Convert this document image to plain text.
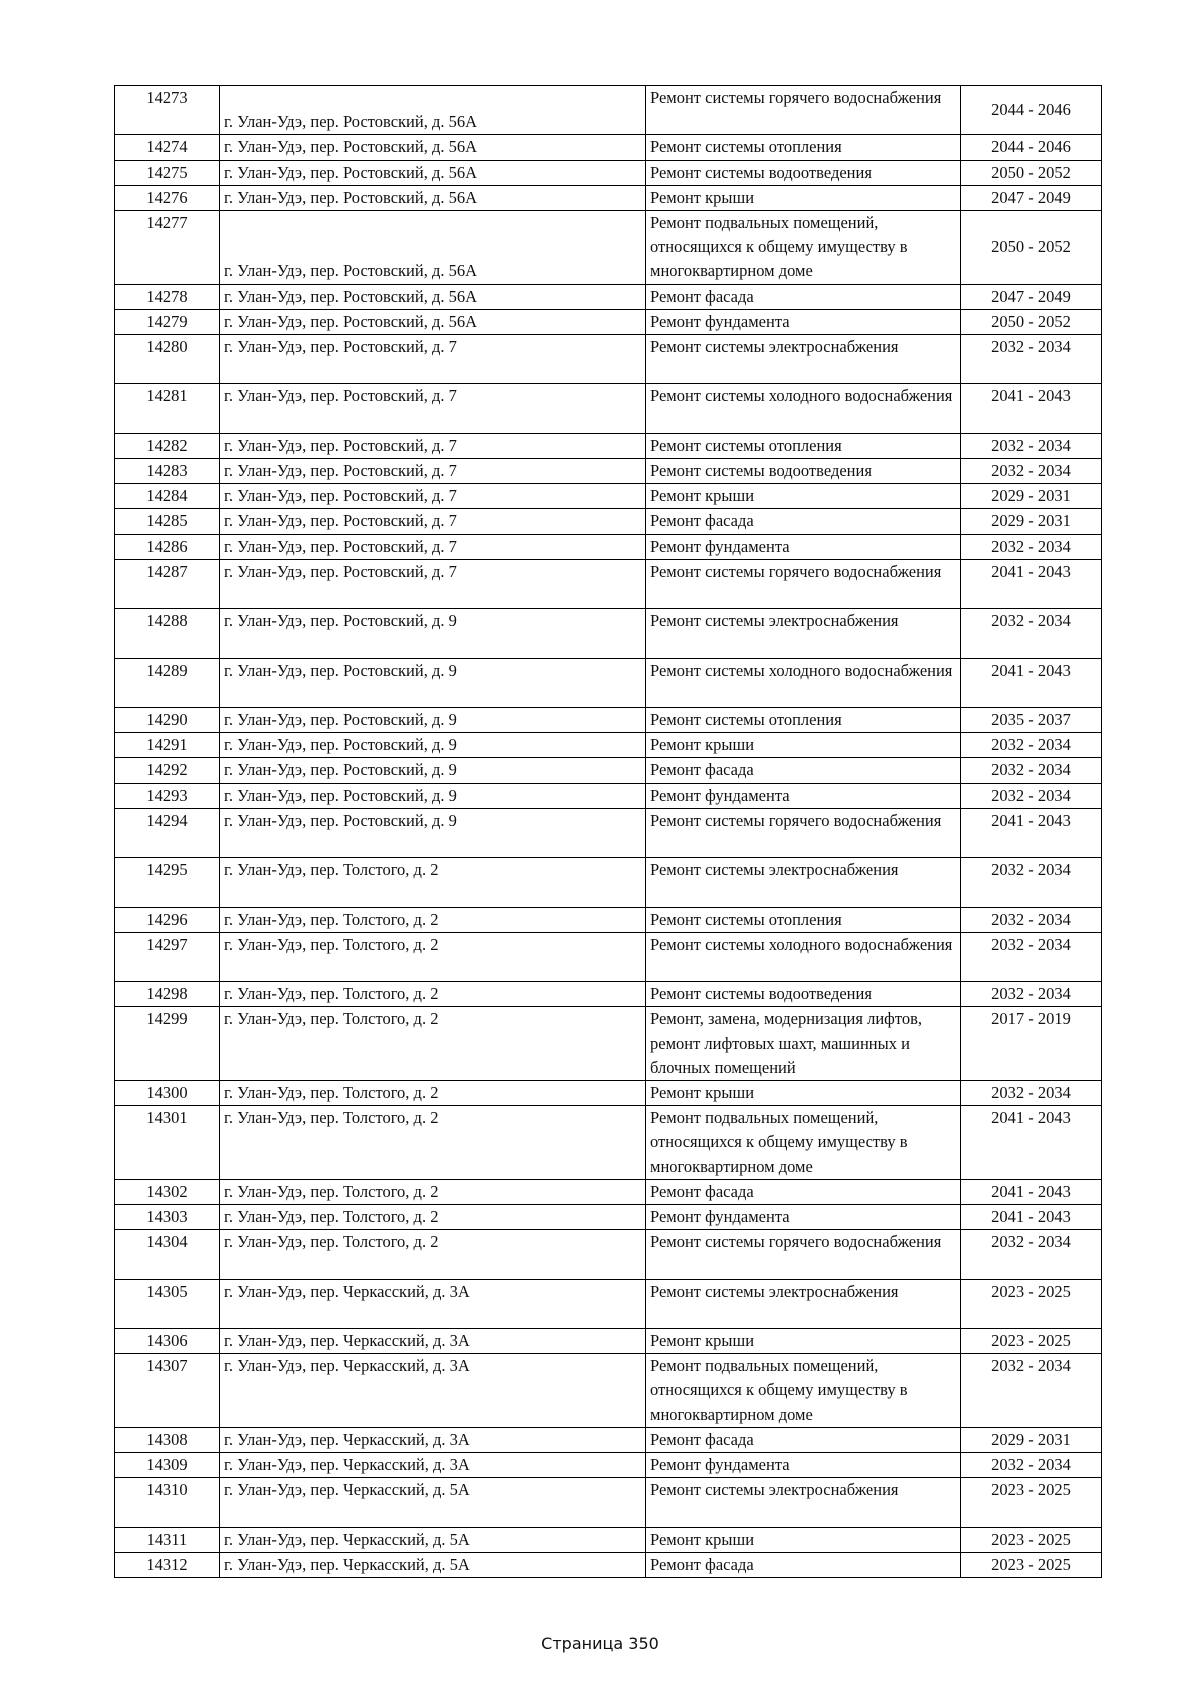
14273	г. Улан-Удэ, пер. Ростовский, д. 56А	Ремонт системы горячего водоснабжения	2044 - 2046
14274	г. Улан-Удэ, пер. Ростовский, д. 56А	Ремонт системы отопления	2044 - 2046
14275	г. Улан-Удэ, пер. Ростовский, д. 56А	Ремонт системы водоотведения	2050 - 2052
14276	г. Улан-Удэ, пер. Ростовский, д. 56А	Ремонт крыши	2047 - 2049
14277	г. Улан-Удэ, пер. Ростовский, д. 56А	Ремонт подвальных помещений, относящихся к общему имуществу в многоквартирном доме	2050 - 2052
14278	г. Улан-Удэ, пер. Ростовский, д. 56А	Ремонт фасада	2047 - 2049
14279	г. Улан-Удэ, пер. Ростовский, д. 56А	Ремонт фундамента	2050 - 2052
14280	г. Улан-Удэ, пер. Ростовский, д. 7	Ремонт системы электроснабжения	2032 - 2034
14281	г. Улан-Удэ, пер. Ростовский, д. 7	Ремонт системы холодного водоснабжения	2041 - 2043
14282	г. Улан-Удэ, пер. Ростовский, д. 7	Ремонт системы отопления	2032 - 2034
14283	г. Улан-Удэ, пер. Ростовский, д. 7	Ремонт системы водоотведения	2032 - 2034
14284	г. Улан-Удэ, пер. Ростовский, д. 7	Ремонт крыши	2029 - 2031
14285	г. Улан-Удэ, пер. Ростовский, д. 7	Ремонт фасада	2029 - 2031
14286	г. Улан-Удэ, пер. Ростовский, д. 7	Ремонт фундамента	2032 - 2034
14287	г. Улан-Удэ, пер. Ростовский, д. 7	Ремонт системы горячего водоснабжения	2041 - 2043
14288	г. Улан-Удэ, пер. Ростовский, д. 9	Ремонт системы электроснабжения	2032 - 2034
14289	г. Улан-Удэ, пер. Ростовский, д. 9	Ремонт системы холодного водоснабжения	2041 - 2043
14290	г. Улан-Удэ, пер. Ростовский, д. 9	Ремонт системы отопления	2035 - 2037
14291	г. Улан-Удэ, пер. Ростовский, д. 9	Ремонт крыши	2032 - 2034
14292	г. Улан-Удэ, пер. Ростовский, д. 9	Ремонт фасада	2032 - 2034
14293	г. Улан-Удэ, пер. Ростовский, д. 9	Ремонт фундамента	2032 - 2034
14294	г. Улан-Удэ, пер. Ростовский, д. 9	Ремонт системы горячего водоснабжения	2041 - 2043
14295	г. Улан-Удэ, пер. Толстого, д. 2	Ремонт системы электроснабжения	2032 - 2034
14296	г. Улан-Удэ, пер. Толстого, д. 2	Ремонт системы отопления	2032 - 2034
14297	г. Улан-Удэ, пер. Толстого, д. 2	Ремонт системы холодного водоснабжения	2032 - 2034
14298	г. Улан-Удэ, пер. Толстого, д. 2	Ремонт системы водоотведения	2032 - 2034
14299	г. Улан-Удэ, пер. Толстого, д. 2	Ремонт, замена, модернизация лифтов, ремонт лифтовых шахт, машинных и блочных помещений	2017 - 2019
14300	г. Улан-Удэ, пер. Толстого, д. 2	Ремонт крыши	2032 - 2034
14301	г. Улан-Удэ, пер. Толстого, д. 2	Ремонт подвальных помещений, относящихся к общему имуществу в многоквартирном доме	2041 - 2043
14302	г. Улан-Удэ, пер. Толстого, д. 2	Ремонт фасада	2041 - 2043
14303	г. Улан-Удэ, пер. Толстого, д. 2	Ремонт фундамента	2041 - 2043
14304	г. Улан-Удэ, пер. Толстого, д. 2	Ремонт системы горячего водоснабжения	2032 - 2034
14305	г. Улан-Удэ, пер. Черкасский, д. 3А	Ремонт системы электроснабжения	2023 - 2025
14306	г. Улан-Удэ, пер. Черкасский, д. 3А	Ремонт крыши	2023 - 2025
14307	г. Улан-Удэ, пер. Черкасский, д. 3А	Ремонт подвальных помещений, относящихся к общему имуществу в многоквартирном доме	2032 - 2034
14308	г. Улан-Удэ, пер. Черкасский, д. 3А	Ремонт фасада	2029 - 2031
14309	г. Улан-Удэ, пер. Черкасский, д. 3А	Ремонт фундамента	2032 - 2034
14310	г. Улан-Удэ, пер. Черкасский, д. 5А	Ремонт системы электроснабжения	2023 - 2025
14311	г. Улан-Удэ, пер. Черкасский, д. 5А	Ремонт крыши	2023 - 2025
14312	г. Улан-Удэ, пер. Черкасский, д. 5А	Ремонт фасада	2023 - 2025
Страница 350
